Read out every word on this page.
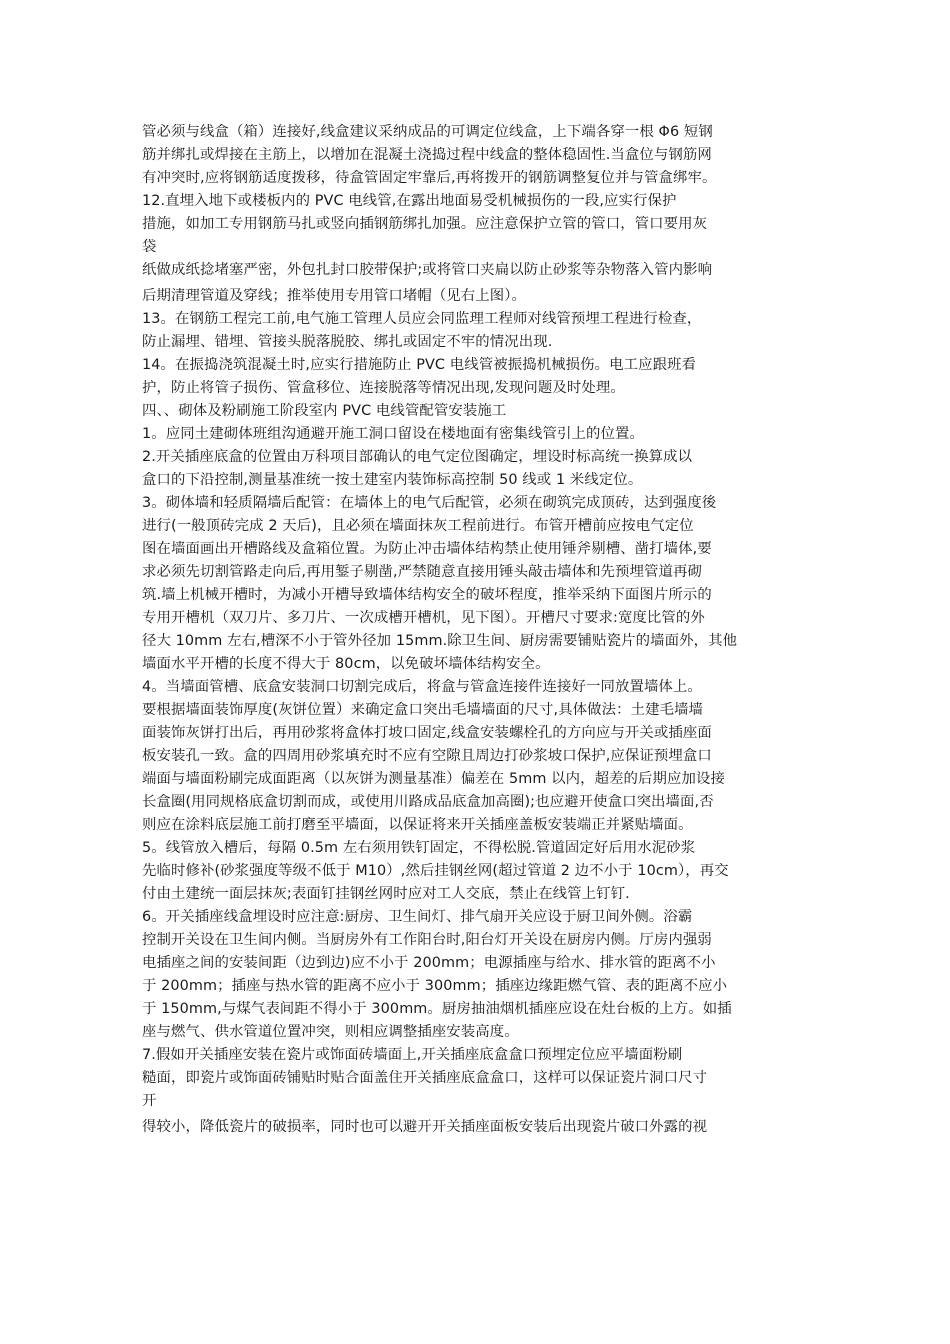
管必须与线盒（箱）连接好,线盒建议采纳成品的可调定位线盒，上下端各穿一根 Φ6 短钢
筋并绑扎或焊接在主筋上，以增加在混凝土浇捣过程中线盒的整体稳固性.当盒位与钢筋网
有冲突时,应将钢筋适度拨移，待盒管固定牢靠后,再将拨开的钢筋调整复位并与管盒绑牢。
12.直埋入地下或楼板内的 PVC 电线管,在露出地面易受机械损伤的一段,应实行保护
措施，如加工专用钢筋马扎或竖向插钢筋绑扎加强。应注意保护立管的管口，管口要用灰
袋
纸做成纸捻堵塞严密，外包扎封口胶带保护;或将管口夹扁以防止砂浆等杂物落入管内影响
后期清理管道及穿线；推举使用专用管口堵帽（见右上图）。
13。在钢筋工程完工前,电气施工管理人员应会同监理工程师对线管预埋工程进行检查，
防止漏埋、错埋、管接头脱落脱胶、绑扎或固定不牢的情况出现.
14。在振捣浇筑混凝土时,应实行措施防止 PVC 电线管被振捣机械损伤。电工应跟班看
护，防止将管子损伤、管盒移位、连接脱落等情况出现,发现问题及时处理。
四、、砌体及粉刷施工阶段室内 PVC 电线管配管安装施工
1。应同土建砌体班组沟通避开施工洞口留设在楼地面有密集线管引上的位置。
2.开关插座底盒的位置由万科项目部确认的电气定位图确定，埋设时标高统一换算成以
盒口的下沿控制,测量基准统一按土建室内装饰标高控制 50 线或 1 米线定位。
3。砌体墙和轻质隔墙后配管：在墙体上的电气后配管，必须在砌筑完成顶砖，达到强度後
进行(一般顶砖完成 2 天后)，且必须在墙面抹灰工程前进行。布管开槽前应按电气定位
图在墙面画出开槽路线及盒箱位置。为防止冲击墙体结构禁止使用锤斧剔槽、凿打墙体,要
求必须先切割管路走向后,再用錾子剔凿,严禁随意直接用锤头敲击墙体和先预埋管道再砌
筑.墙上机械开槽时，为减小开槽导致墙体结构安全的破坏程度，推举采纳下面图片所示的
专用开槽机（双刀片、多刀片、一次成槽开槽机，见下图）。开槽尺寸要求:宽度比管的外
径大 10mm 左右,槽深不小于管外径加 15mm.除卫生间、厨房需要铺贴瓷片的墙面外，其他
墙面水平开槽的长度不得大于 80cm，以免破坏墙体结构安全。
4。当墙面管槽、底盒安装洞口切割完成后，将盒与管盒连接件连接好一同放置墙体上。
要根据墙面装饰厚度(灰饼位置）来确定盒口突出毛墙墙面的尺寸,具体做法：土建毛墙墙
面装饰灰饼打出后，再用砂浆将盒体打坡口固定,线盒安装螺栓孔的方向应与开关或插座面
板安装孔一致。盒的四周用砂浆填充时不应有空隙且周边打砂浆坡口保护,应保证预埋盒口
端面与墙面粉刷完成面距离（以灰饼为测量基准）偏差在 5mm 以内，超差的后期应加设接
长盒圈(用同规格底盒切割而成，或使用川路成品底盒加高圈);也应避开使盒口突出墙面,否
则应在涂料底层施工前打磨至平墙面，以保证将来开关插座盖板安装端正并紧贴墙面。
5。线管放入槽后，每隔 0.5m 左右须用铁钉固定，不得松脱.管道固定好后用水泥砂浆
先临时修补(砂浆强度等级不低于 M10）,然后挂钢丝网(超过管道 2 边不小于 10cm），再交
付由土建统一面层抹灰;表面钉挂钢丝网时应对工人交底，禁止在线管上钉钉.
6。开关插座线盒埋设时应注意:厨房、卫生间灯、排气扇开关应设于厨卫间外侧。浴霸
控制开关设在卫生间内侧。当厨房外有工作阳台时,阳台灯开关设在厨房内侧。厅房内强弱
电插座之间的安装间距（边到边)应不小于 200mm；电源插座与给水、排水管的距离不小
于 200mm；插座与热水管的距离不应小于 300mm；插座边缘距燃气管、表的距离不应小
于 150mm,与煤气表间距不得小于 300mm。厨房抽油烟机插座应设在灶台板的上方。如插
座与燃气、供水管道位置冲突，则相应调整插座安装高度。
7.假如开关插座安装在瓷片或饰面砖墙面上,开关插座底盒盒口预埋定位应平墙面粉刷
糙面，即瓷片或饰面砖铺贴时贴合面盖住开关插座底盒盒口，这样可以保证瓷片洞口尺寸
开
得较小，降低瓷片的破损率，同时也可以避开开关插座面板安装后出现瓷片破口外露的视
